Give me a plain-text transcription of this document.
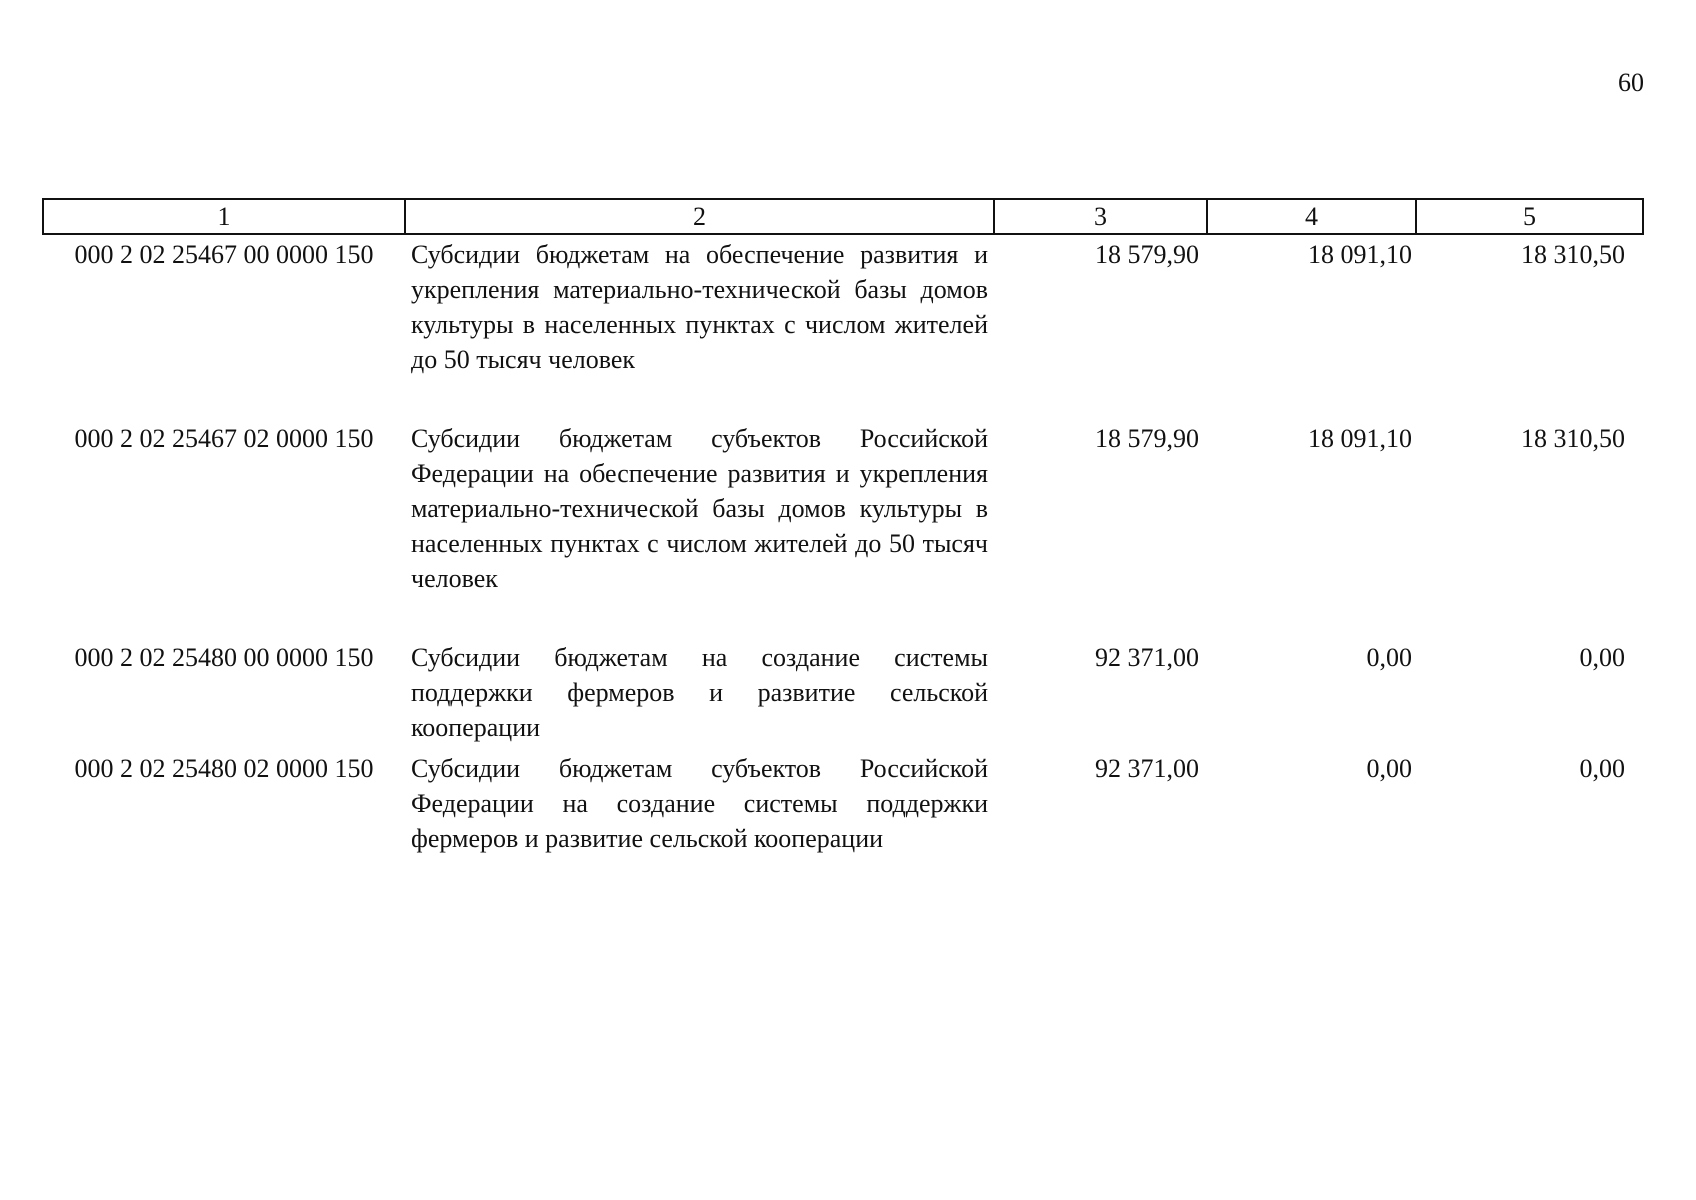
60
1	2	3	4	5
000 2 02 25467 00 0000 150	Субсидии бюджетам на обеспечение развития и укрепления материально-технической базы домов культуры в населенных пунктах с числом жителей до 50 тысяч человек	18 579,90	18 091,10	18 310,50
000 2 02 25467 02 0000 150	Субсидии бюджетам субъектов Российской Федерации на обеспечение развития и укрепления материально-технической базы домов культуры в населенных пунктах с числом жителей до 50 тысяч человек	18 579,90	18 091,10	18 310,50
000 2 02 25480 00 0000 150	Субсидии бюджетам на создание системы поддержки фермеров и развитие сельской кооперации	92 371,00	0,00	0,00
000 2 02 25480 02 0000 150	Субсидии бюджетам субъектов Российской Федерации на создание системы поддержки фермеров и развитие сельской кооперации	92 371,00	0,00	0,00
